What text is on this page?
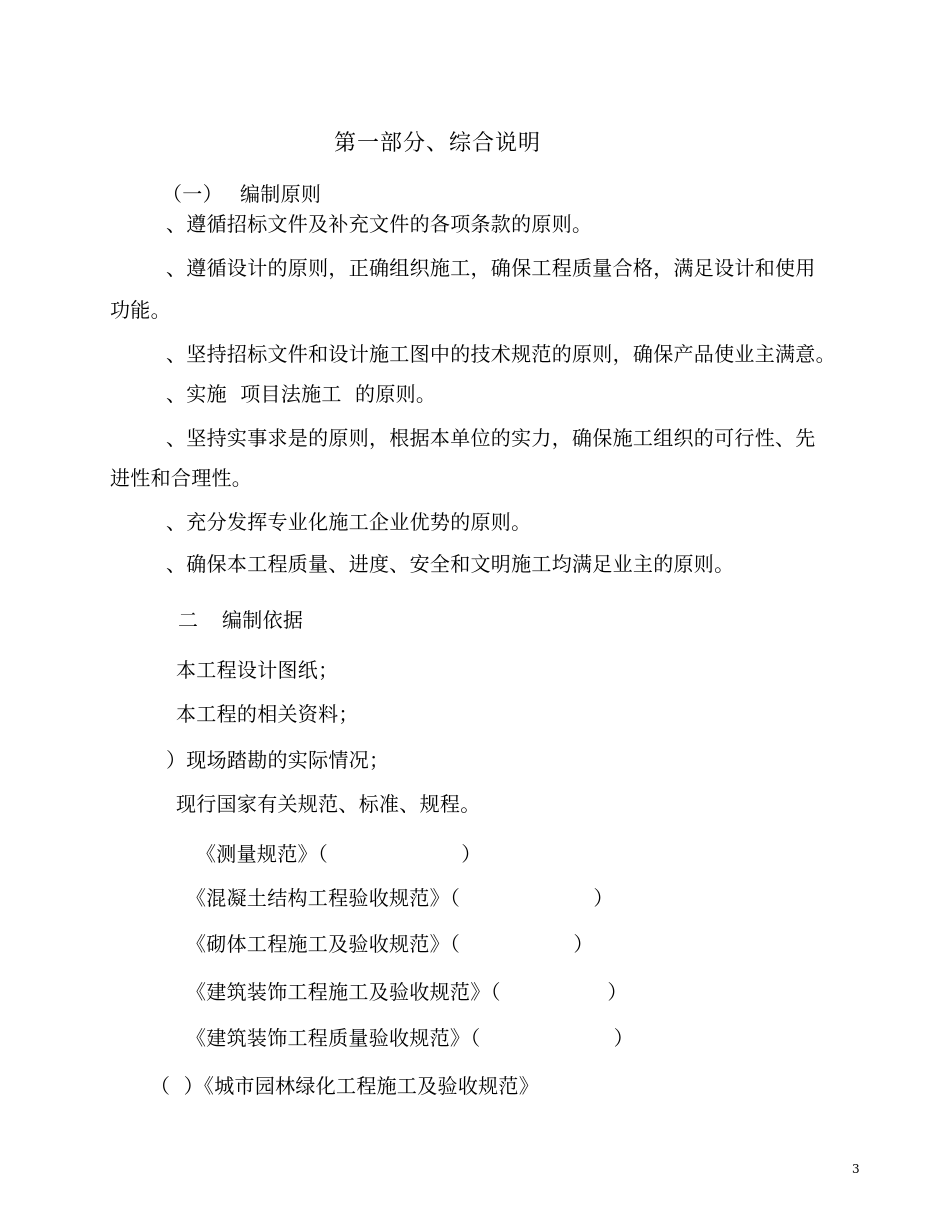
第一部分、综合说明
（一） 编制原则
、遵循招标文件及补充文件的各项条款的原则。
、遵循设计的原则，正确组织施工，确保工程质量合格，满足设计和使用
功能。
、坚持招标文件和设计施工图中的技术规范的原则，确保产品使业主满意。
、实施  项目法施工  的原则。
、坚持实事求是的原则，根据本单位的实力，确保施工组织的可行性、先
进性和合理性。
、充分发挥专业化施工企业优势的原则。
、确保本工程质量、进度、安全和文明施工均满足业主的原则。
二 编制依据
本工程设计图纸；
本工程的相关资料；
）现场踏勘的实际情况；
现行国家有关规范、标准、规程。
《测量规范》（                    ）
《混凝土结构工程验收规范》（                    ）
《砌体工程施工及验收规范》（                 ）
《建筑装饰工程施工及验收规范》（                ）
《建筑装饰工程质量验收规范》（                    ）
（  ）《城市园林绿化工程施工及验收规范》
3
